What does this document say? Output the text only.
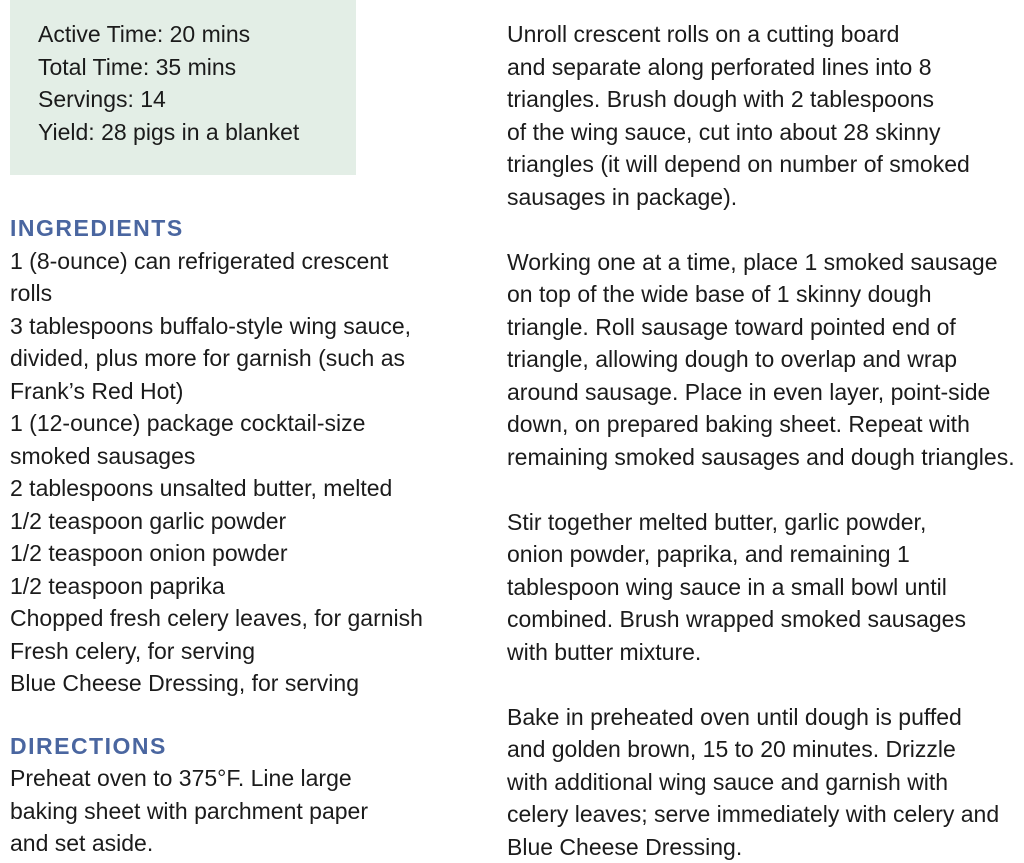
Active Time: 20 mins

Total Time: 35 mins

Servings: 14

Yield: 28 pigs in a blanket

INGREDIENTS

1 (8-ounce) can refrigerated crescent

rolls

3 tablespoons buffalo-style wing sauce,

divided, plus more for garnish (such as

Frank’s Red Hot)

1 (12-ounce) package cocktail-size

smoked sausages

2 tablespoons unsalted butter, melted

1/2 teaspoon garlic powder

1/2 teaspoon onion powder

1/2 teaspoon paprika

Chopped fresh celery leaves, for garnish

Fresh celery, for serving

Blue Cheese Dressing, for serving

DIRECTIONS

Preheat oven to 375°F. Line large

baking sheet with parchment paper

and set aside.

Unroll crescent rolls on a cutting board

and separate along perforated lines into 8

triangles. Brush dough with 2 tablespoons

of the wing sauce, cut into about 28 skinny

triangles (it will depend on number of smoked

sausages in package).

Working one at a time, place 1 smoked sausage

on top of the wide base of 1 skinny dough

triangle. Roll sausage toward pointed end of

triangle, allowing dough to overlap and wrap

around sausage. Place in even layer, point-side

down, on prepared baking sheet. Repeat with

remaining smoked sausages and dough triangles.

Stir together melted butter, garlic powder,

onion powder, paprika, and remaining 1

tablespoon wing sauce in a small bowl until

combined. Brush wrapped smoked sausages

with butter mixture.

Bake in preheated oven until dough is puffed

and golden brown, 15 to 20 minutes. Drizzle

with additional wing sauce and garnish with

celery leaves; serve immediately with celery and

Blue Cheese Dressing.
